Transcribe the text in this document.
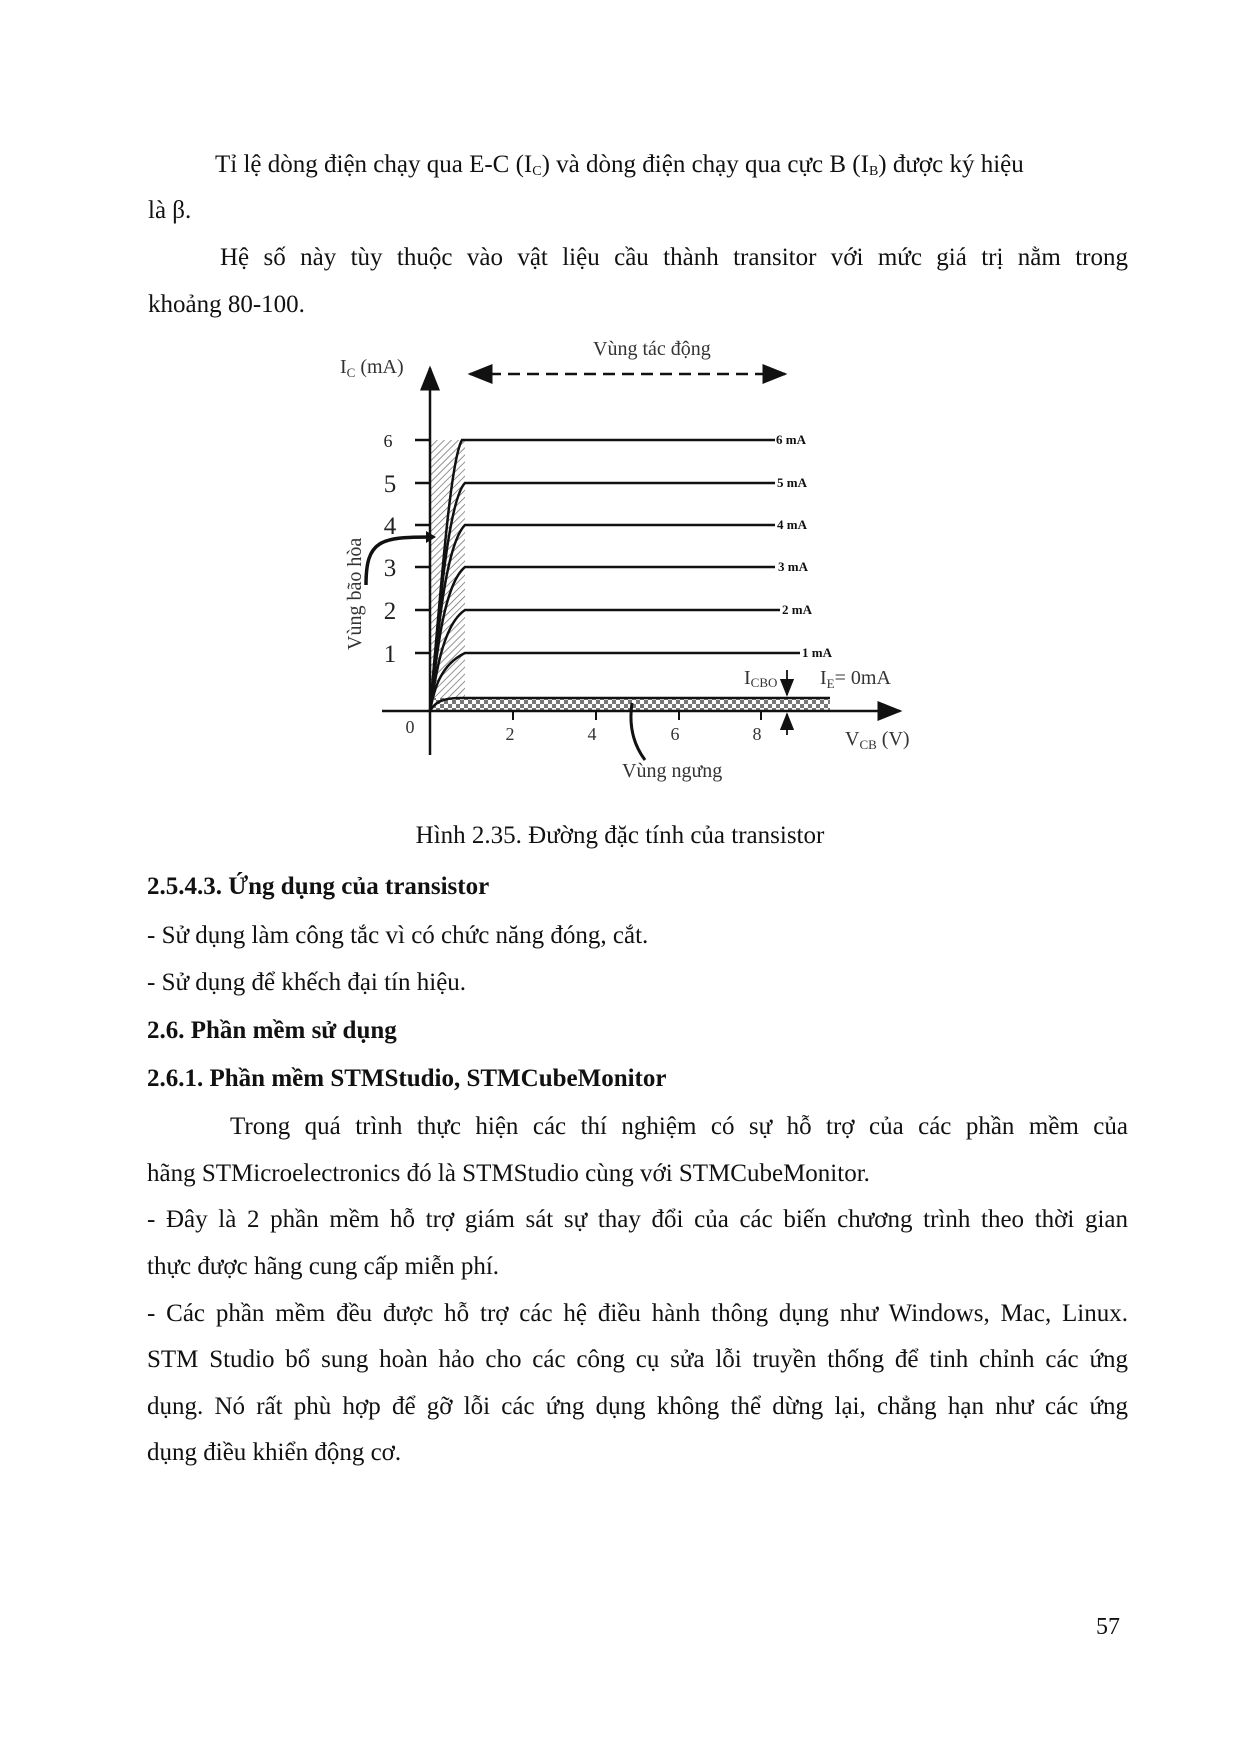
Tỉ lệ dòng điện chạy qua E-C $(I_C)$ và dòng điện chạy qua cực B $(I_B)$ được ký hiệu
là β.
Hệ số này tùy thuộc vào vật liệu cầu thành transitor với mức giá trị nằm trong
khoảng 80-100.
6
5
4
3
2
1
0	2	4	6	8
6 mA
5 mA
4 mA
3 mA
2 mA
1 mA
$I_C$ (mA)
$V_{CB}$ (V)
Vùng tác động
Vùng bão hòa
ICBO $I_E= 0mA$
Vùng ngưng
Hình 2.35. Đường đặc tính của transistor
2.5.4.3. Ứng dụng của transistor
- Sử dụng làm công tắc vì có chức năng đóng, cắt.
- Sử dụng để khếch đại tín hiệu.
2.6. Phần mềm sử dụng
2.6.1. Phần mềm STMStudio, STMCubeMonitor
Trong quá trình thực hiện các thí nghiệm có sự hỗ trợ của các phần mềm của
hãng STMicroelectronics đó là STMStudio cùng với STMCubeMonitor.
- Đây là 2 phần mềm hỗ trợ giám sát sự thay đổi của các biến chương trình theo thời gian
thực được hãng cung cấp miễn phí.
- Các phần mềm đều được hỗ trợ các hệ điều hành thông dụng như Windows, Mac, Linux.
STM Studio bổ sung hoàn hảo cho các công cụ sửa lỗi truyền thống để tinh chỉnh các ứng
dụng. Nó rất phù hợp để gỡ lỗi các ứng dụng không thể dừng lại, chẳng hạn như các ứng
dụng điều khiển động cơ.
57
